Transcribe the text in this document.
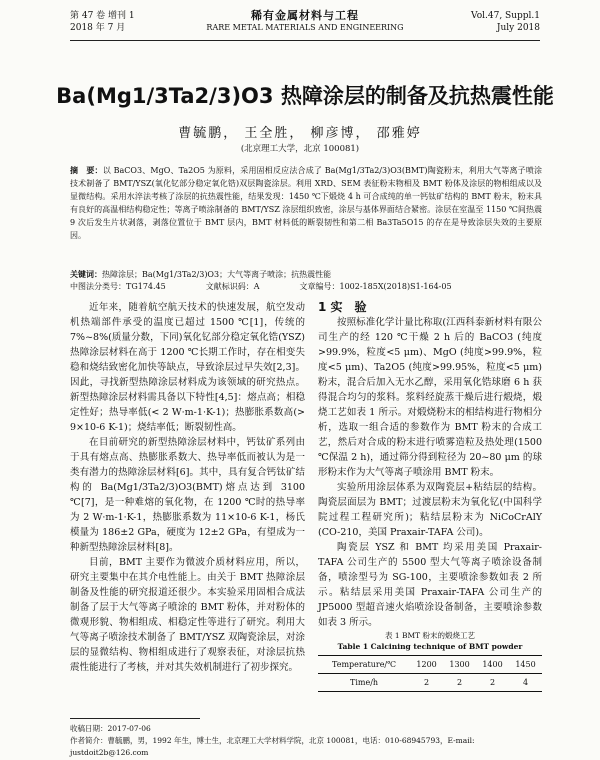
第 47 卷 增刊 1
2018 年 7 月
稀有金属材料与工程
RARE METAL MATERIALS AND ENGINEERING
Vol.47, Suppl.1
July 2018
Ba(Mg1/3Ta2/3)O3 热障涂层的制备及抗热震性能
曹毓鹏， 王全胜， 柳彦博， 邵雅婷
(北京理工大学，北京 100081)
摘　要：以 BaCO3、MgO、Ta2O5 为原料，采用固相反应法合成了 Ba(Mg1/3Ta2/3)O3(BMT)陶瓷粉末，利用大气等离子喷涂技术制备了 BMT/YSZ(氧化钇部分稳定氧化锆)双层陶瓷涂层。利用 XRD、SEM 表征粉末物相及 BMT 粉体及涂层的物相组成以及显微结构。采用水淬法考核了涂层的抗热震性能，结果发现：1450 ℃下煅烧 4 h 可合成纯的单一钙钛矿结构的 BMT 粉末，粉末具有良好的高温相结构稳定性；等离子喷涂制备的 BMT/YSZ 涂层组织致密，涂层与基体界面结合紧密。涂层在室温至 1150 ℃间热震 9 次后发生片状剥落，剥落位置位于 BMT 层内，BMT 材料低的断裂韧性和第二相 Ba3Ta5O15 的存在是导致涂层失效的主要原因。
关键词：热障涂层；Ba(Mg1/3Ta2/3)O3；大气等离子喷涂；抗热震性能
中图法分类号：TG174.45	文献标识码：A	文章编号：1002-185X(2018)S1-164-05

近年来，随着航空航天技术的快速发展，航空发动机热端部件承受的温度已超过 1500 ℃[1]，传统的 7%~8%(质量分数，下同)氧化钇部分稳定氧化锆(YSZ)热障涂层材料在高于 1200 ℃长期工作时，存在相变失稳和烧结致密化加快等缺点，导致涂层过早失效[2,3]。因此，寻找新型热障涂层材料成为该领域的研究热点。新型热障涂层材料需具备以下特性[4,5]：熔点高；相稳定性好；热导率低(< 2 W·m-1·K-1)；热膨胀系数高(> 9×10-6 K-1)；烧结率低；断裂韧性高。

在目前研究的新型热障涂层材料中，钙钛矿系列由于具有熔点高、热膨胀系数大、热导率低而被认为是一类有潜力的热障涂层材料[6]。其中，具有复合钙钛矿结构的 Ba(Mg1/3Ta2/3)O3(BMT)熔点达到 3100 ℃[7]，是一种难熔的氧化物，在 1200 ℃时的热导率为 2 W·m-1·K-1，热膨胀系数为 11×10-6 K-1，杨氏模量为 186±2 GPa，硬度为 12±2 GPa，有望成为一种新型热障涂层材料[8]。

目前，BMT 主要作为微波介质材料应用，所以，研究主要集中在其介电性能上。由关于 BMT 热障涂层制备及性能的研究报道还很少。本实验采用固相合成法制备了层于大气等离子喷涂的 BMT 粉体，并对粉体的微观形貌、物相组成、相稳定性等进行了研究。利用大气等离子喷涂技术制备了 BMT/YSZ 双陶瓷涂层，对涂层的显微结构、物相组成进行了观察表征，对涂层抗热震性能进行了考核，并对其失效机制进行了初步探究。

1 实　验

按照标准化学计量比称取(江西科泰新材料有限公司生产的经 120 ℃干燥 2 h 后的 BaCO3 (纯度>99.9%，粒度<5 μm)、MgO (纯度>99.9%，粒度<5 μm)、Ta2O5 (纯度>99.95%，粒度<5 μm)粉末，混合后加入无水乙醇，采用氧化锆球磨 6 h 获得混合均匀的浆料。浆料经旋蒸干燥后进行煅烧，煅烧工艺如表 1 所示。对煅烧粉末的相结构进行物相分析，选取一组合适的参数作为 BMT 粉末的合成工艺，然后对合成的粉末进行喷雾造粒及热处理(1500 ℃保温 2 h)，通过筛分得到粒径为 20~80 μm 的球形粉末作为大气等离子喷涂用 BMT 粉末。

实验所用涂层体系为双陶瓷层+粘结层的结构。陶瓷层面层为 BMT；过渡层粉末为氧化钇(中国科学院过程工程研究所)；粘结层粉末为 NiCoCrAlY (CO-210，美国 Praxair-TAFA 公司)。

陶瓷层 YSZ 和 BMT 均采用美国 Praxair-TAFA 公司生产的 5500 型大气等离子喷涂设备制备，喷涂型号为 SG-100，主要喷涂参数如表 2 所示。粘结层采用美国 Praxair-TAFA 公司生产的 JP5000 型超音速火焰喷涂设备制备，主要喷涂参数如表 3 所示。

表 1 BMT 粉末的煅烧工艺
Table 1 Calcining technique of BMT powder

Temperature/℃	1200	1300	1400	1450
Time/h	2	2	2	4
收稿日期：2017-07-06
作者简介：曹毓鹏，男，1992 年生，博士生，北京理工大学材料学院，北京 100081，电话：010-68945793，E-mail: justdoit2b@126.com
